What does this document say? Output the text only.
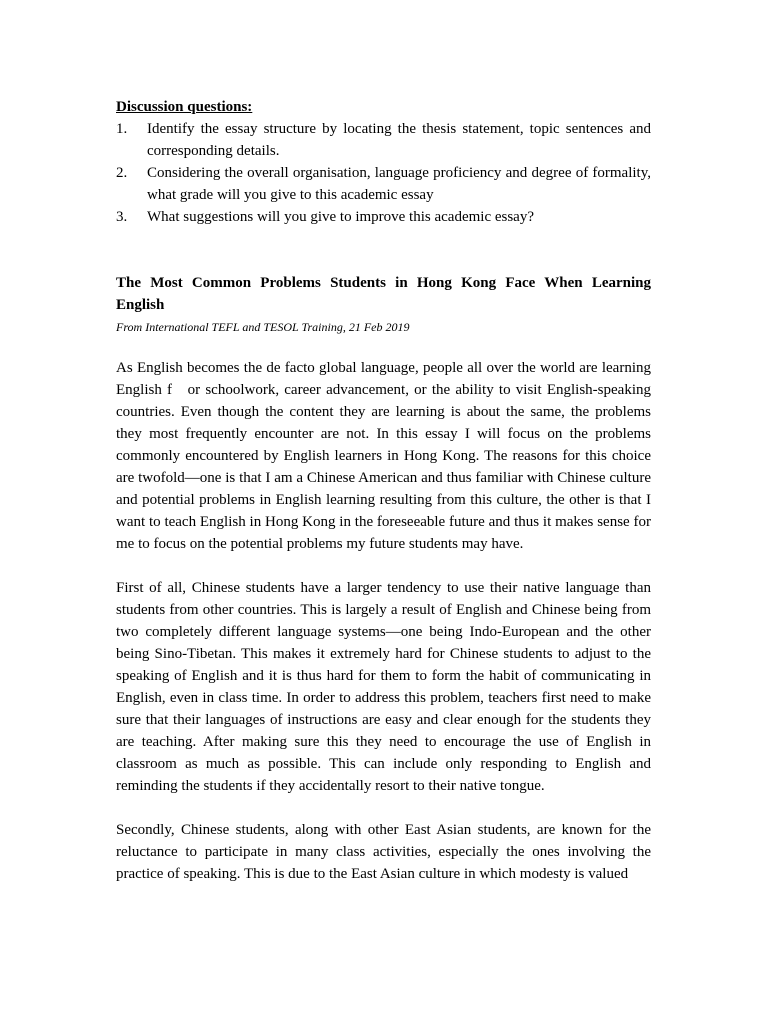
Discussion questions:

1.	Identify the essay structure by locating the thesis statement, topic sentences and corresponding details.
2.	Considering the overall organisation, language proficiency and degree of formality, what grade will you give to this academic essay
3.	What suggestions will you give to improve this academic essay?

The Most Common Problems Students in Hong Kong Face When Learning English

From International TEFL and TESOL Training, 21 Feb 2019

As English becomes the de facto global language, people all over the world are learning English f   or schoolwork, career advancement, or the ability to visit English-speaking countries. Even though the content they are learning is about the same, the problems they most frequently encounter are not. In this essay I will focus on the problems commonly encountered by English learners in Hong Kong. The reasons for this choice are twofold—one is that I am a Chinese American and thus familiar with Chinese culture and potential problems in English learning resulting from this culture, the other is that I want to teach English in Hong Kong in the foreseeable future and thus it makes sense for me to focus on the potential problems my future students may have.

First of all, Chinese students have a larger tendency to use their native language than students from other countries. This is largely a result of English and Chinese being from two completely different language systems—one being Indo-European and the other being Sino-Tibetan. This makes it extremely hard for Chinese students to adjust to the speaking of English and it is thus hard for them to form the habit of communicating in English, even in class time. In order to address this problem, teachers first need to make sure that their languages of instructions are easy and clear enough for the students they are teaching. After making sure this they need to encourage the use of English in classroom as much as possible. This can include only responding to English and reminding the students if they accidentally resort to their native tongue.

Secondly, Chinese students, along with other East Asian students, are known for the reluctance to participate in many class activities, especially the ones involving the practice of speaking. This is due to the East Asian culture in which modesty is valued
